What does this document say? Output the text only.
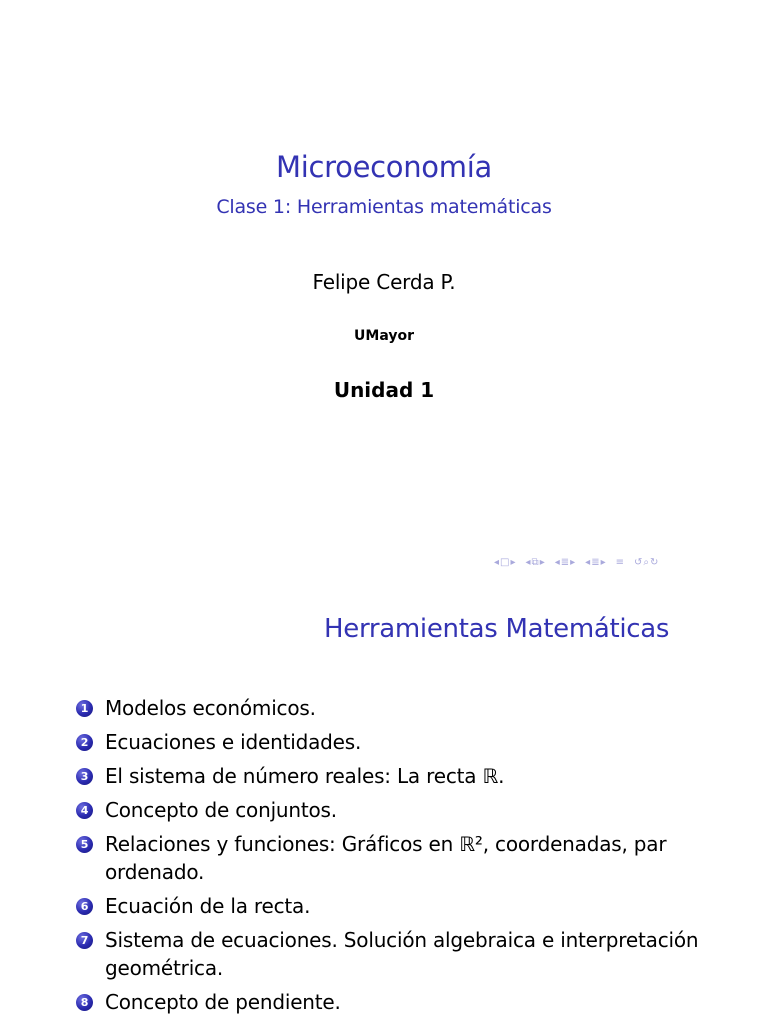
Microeconomía
Clase 1: Herramientas matemáticas
Felipe Cerda P.
UMayor
Unidad 1
◂ □ ▸ ◂ ⧉ ▸ ◂ ≣ ▸ ◂ ≣ ▸ ≡ ↺ ⌕ ↻
Herramientas Matemáticas
1 Modelos económicos.
2 Ecuaciones e identidades.
3 El sistema de número reales: La recta ℝ.
4 Concepto de conjuntos.
5 Relaciones y funciones: Gráficos en ℝ², coordenadas, par ordenado.
6 Ecuación de la recta.
7 Sistema de ecuaciones. Solución algebraica e interpretación geométrica.
8 Concepto de pendiente.
